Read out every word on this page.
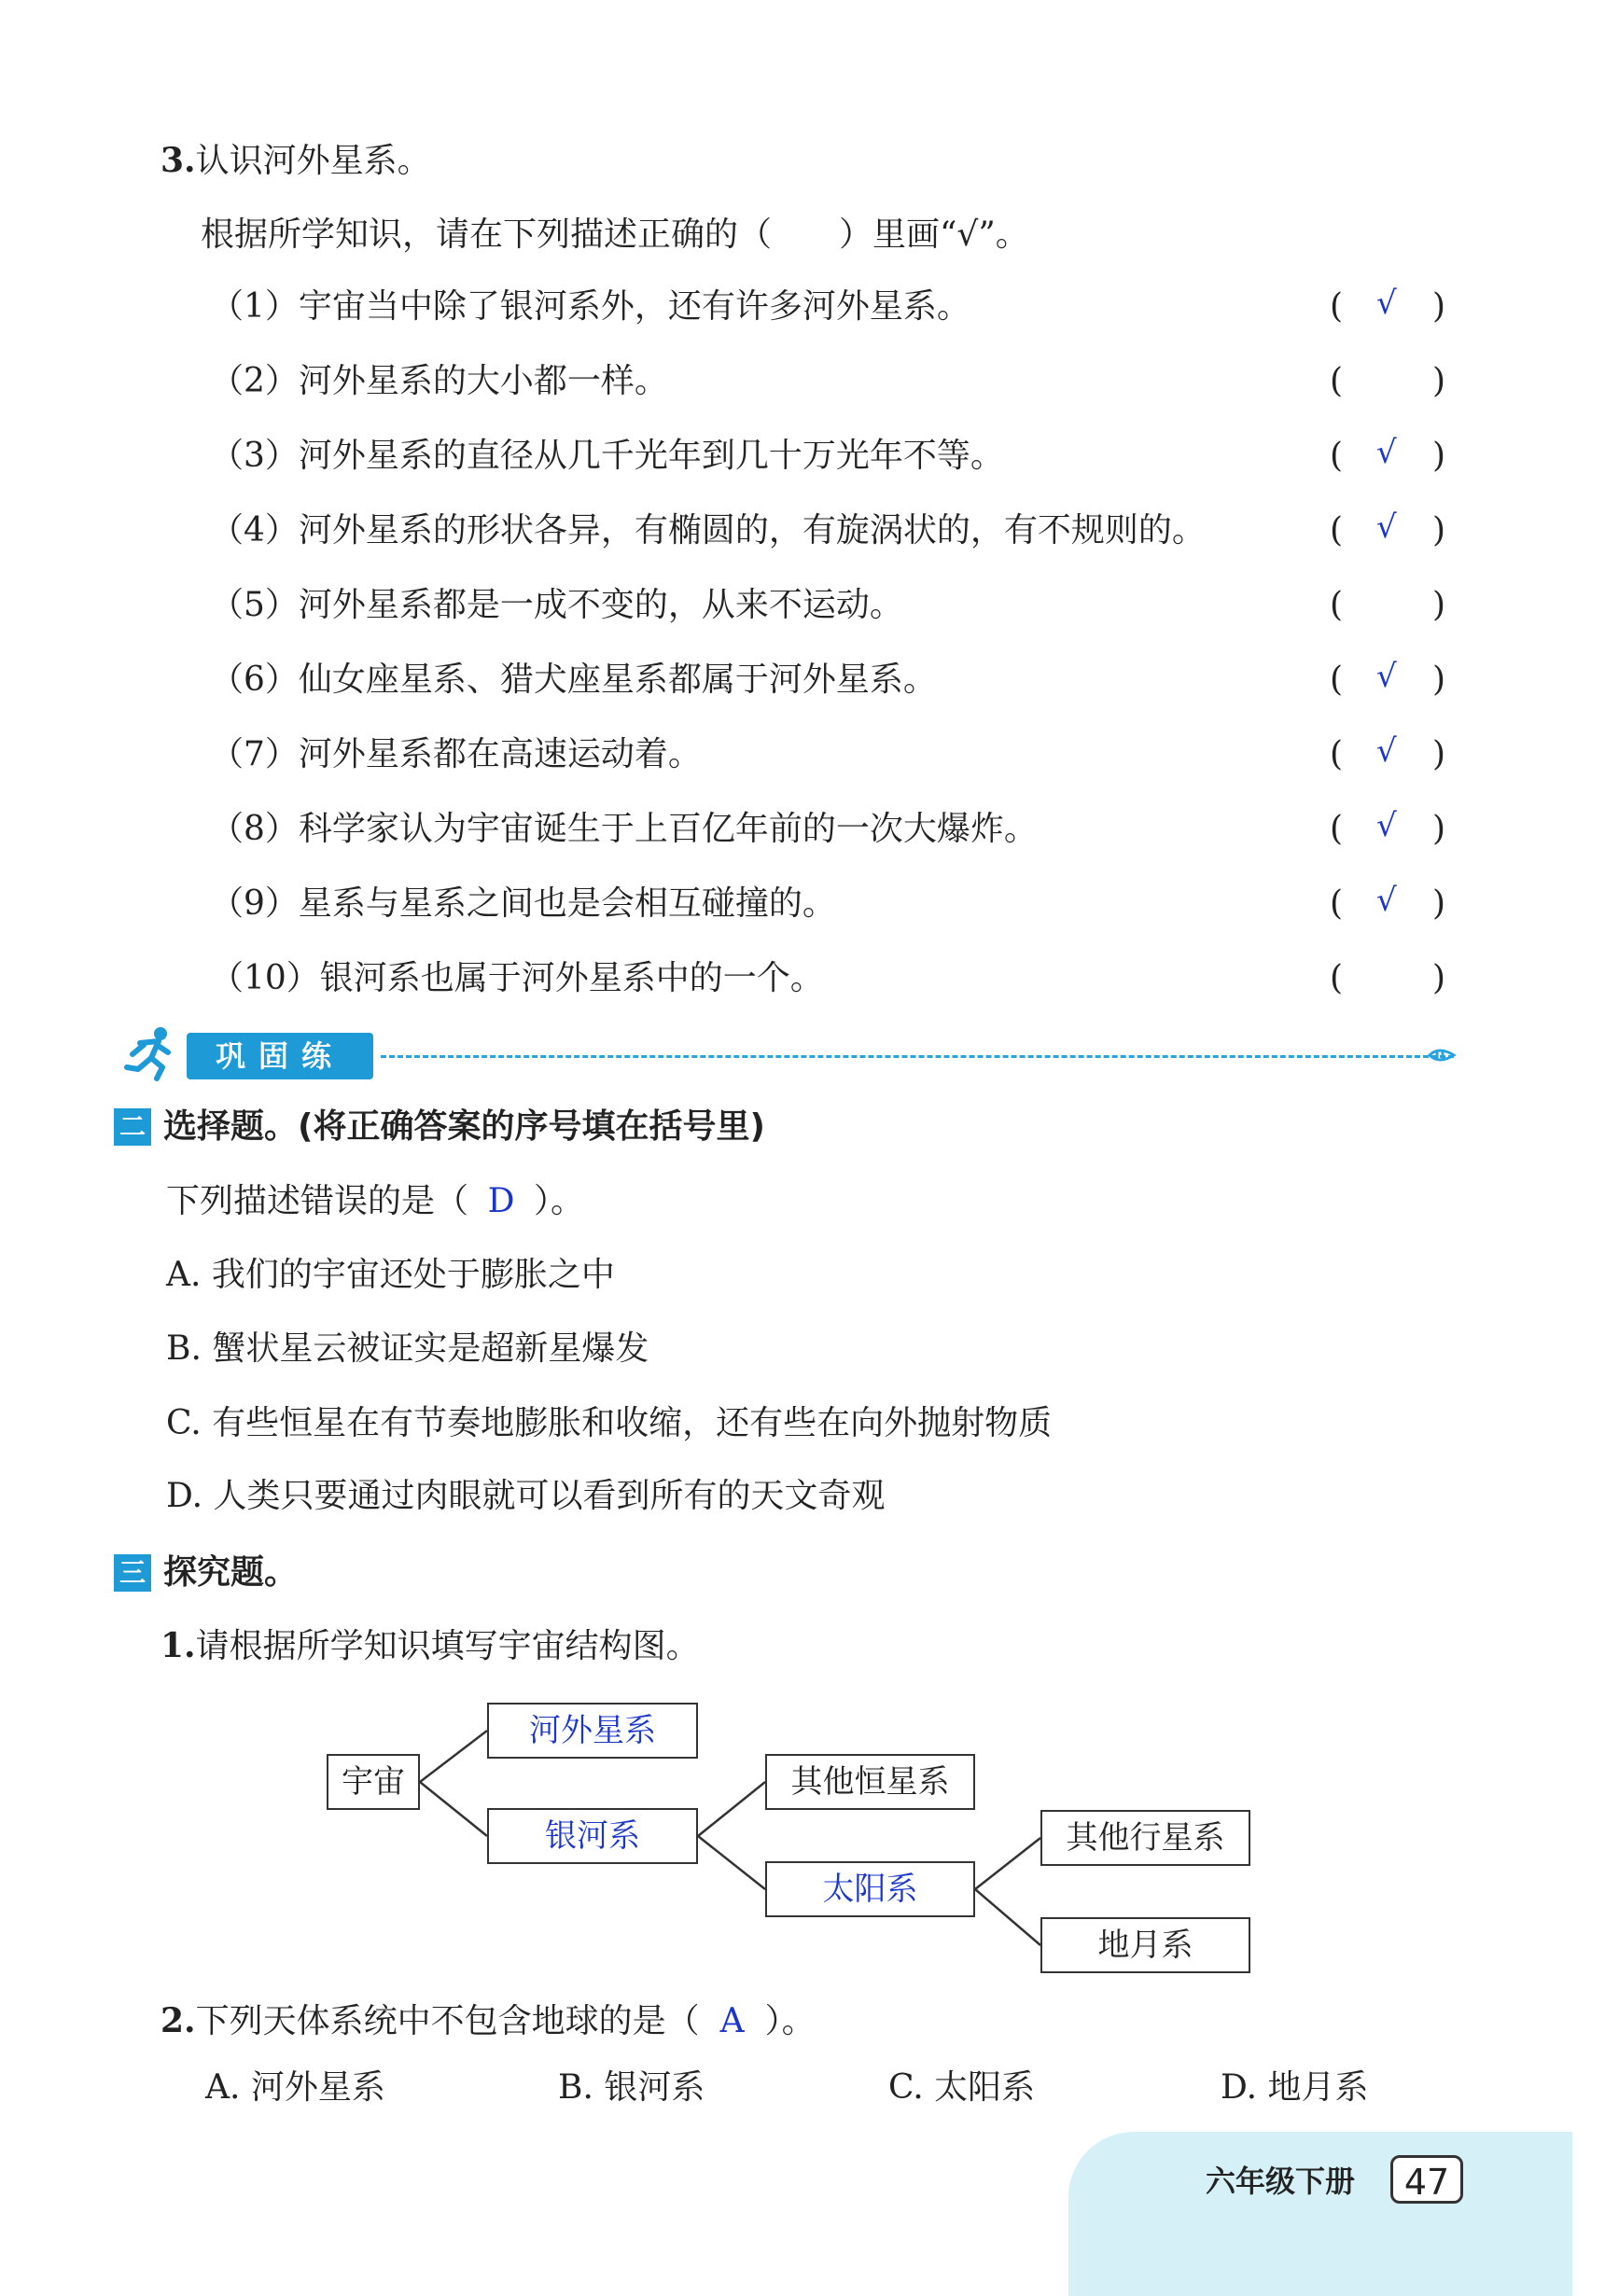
3.认识河外星系。
根据所学知识，请在下列描述正确的（　　）里画“√”。
（1）宇宙当中除了银河系外，还有许多河外星系。	( √ )
（2）河外星系的大小都一样。	(	)
（3）河外星系的直径从几千光年到几十万光年不等。	( √ )
（4）河外星系的形状各异，有椭圆的，有旋涡状的，有不规则的。	( √ )
（5）河外星系都是一成不变的，从来不运动。	(	)
（6）仙女座星系、猎犬座星系都属于河外星系。	( √ )
（7）河外星系都在高速运动着。	( √ )
（8）科学家认为宇宙诞生于上百亿年前的一次大爆炸。	( √ )
（9）星系与星系之间也是会相互碰撞的。	( √ )
（10）银河系也属于河外星系中的一个。	(	)
巩固练
二 选择题。(将正确答案的序号填在括号里)
下列描述错误的是（ D ）。
A. 我们的宇宙还处于膨胀之中
B. 蟹状星云被证实是超新星爆发
C. 有些恒星在有节奏地膨胀和收缩，还有些在向外抛射物质
D. 人类只要通过肉眼就可以看到所有的天文奇观
三 探究题。
1.请根据所学知识填写宇宙结构图。
宇宙
河外星系
银河系
其他恒星系
太阳系
其他行星系
地月系
2.下列天体系统中不包含地球的是（ A ）。
A. 河外星系	B. 银河系	C. 太阳系	D. 地月系
六年级下册	47
